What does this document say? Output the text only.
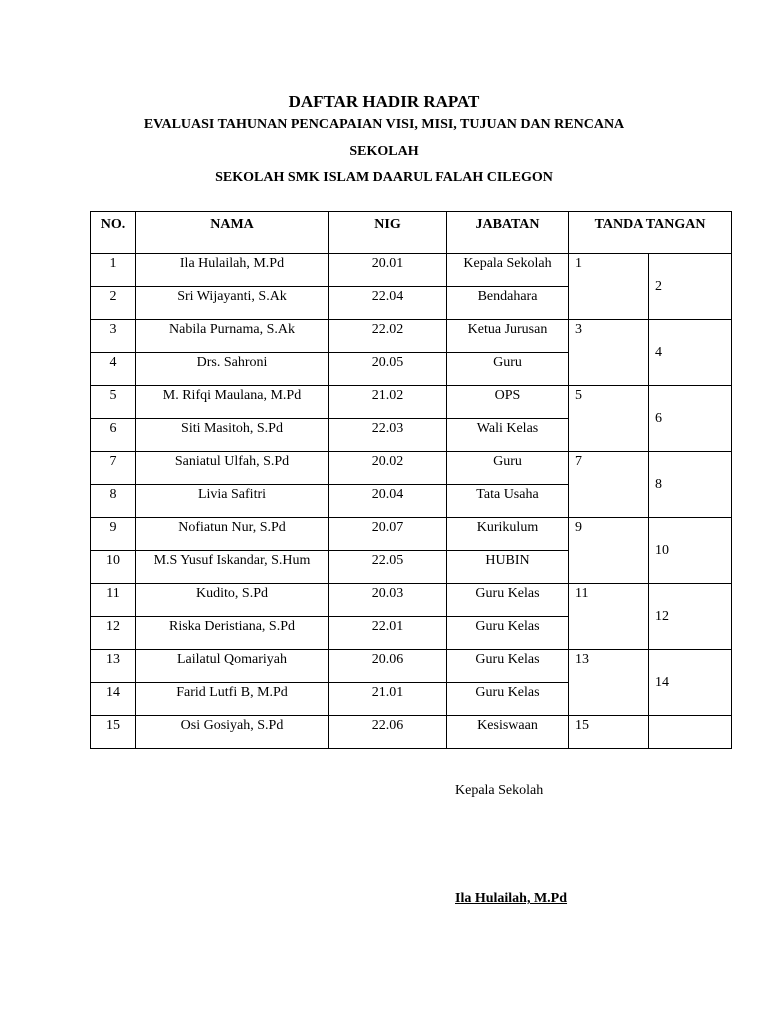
DAFTAR HADIR RAPAT
EVALUASI TAHUNAN PENCAPAIAN VISI, MISI, TUJUAN DAN RENCANA
SEKOLAH
SEKOLAH SMK ISLAM DAARUL FALAH CILEGON
NO.	NAMA	NIG	JABATAN	TANDA TANGAN	
1	Ila Hulailah, M.Pd	20.01	Kepala Sekolah	1	2
2	Sri Wijayanti, S.Ak	22.04	Bendahara		
3	Nabila Purnama, S.Ak	22.02	Ketua Jurusan	3	4
4	Drs. Sahroni	20.05	Guru		
5	M. Rifqi Maulana, M.Pd	21.02	OPS	5	6
6	Siti Masitoh, S.Pd	22.03	Wali Kelas		
7	Saniatul Ulfah, S.Pd	20.02	Guru	7	8
8	Livia Safitri	20.04	Tata Usaha		
9	Nofiatun Nur, S.Pd	20.07	Kurikulum	9	10
10	M.S Yusuf Iskandar, S.Hum	22.05	HUBIN		
11	Kudito, S.Pd	20.03	Guru Kelas	11	12
12	Riska Deristiana, S.Pd	22.01	Guru Kelas		
13	Lailatul Qomariyah	20.06	Guru Kelas	13	14
14	Farid Lutfi B, M.Pd	21.01	Guru Kelas		
15	Osi Gosiyah, S.Pd	22.06	Kesiswaan	15	
Kepala Sekolah
Ila Hulailah, M.Pd
